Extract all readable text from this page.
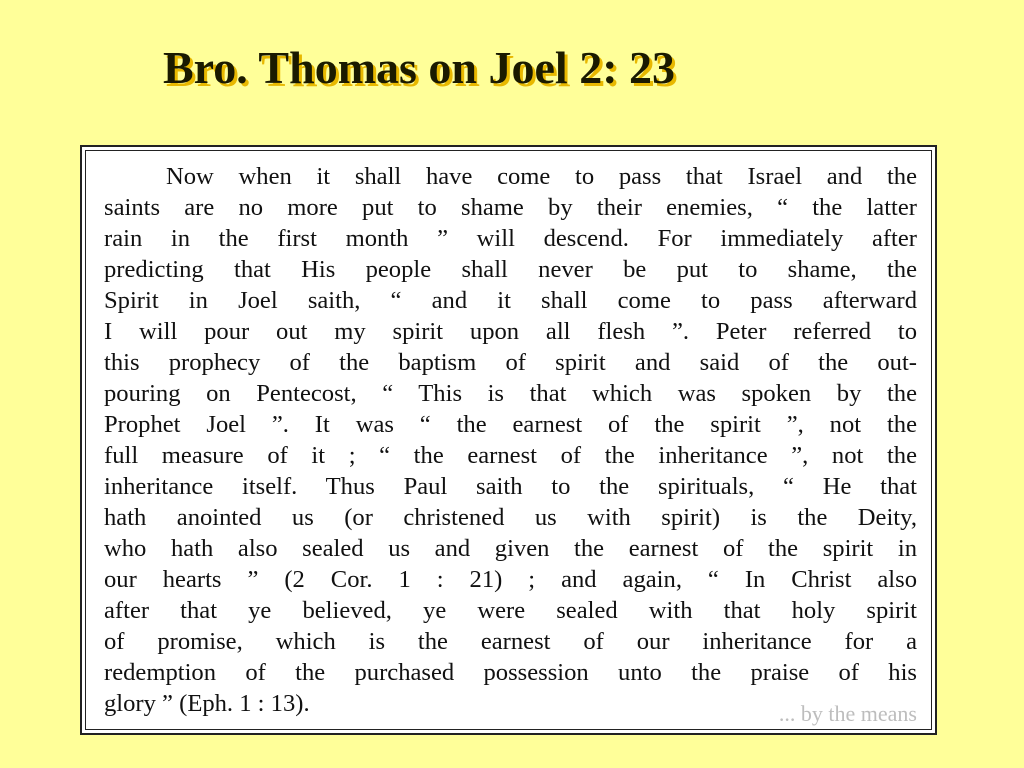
Bro. Thomas on Joel 2: 23

Now when it shall have come to pass that Israel and the
saints are no more put to shame by their enemies, “ the latter
rain in the first month ” will descend. For immediately after
predicting that His people shall never be put to shame, the
Spirit in Joel saith, “ and it shall come to pass afterward
I will pour out my spirit upon all flesh ”. Peter referred to
this prophecy of the baptism of spirit and said of the out-
pouring on Pentecost, “ This is that which was spoken by the
Prophet Joel ”. It was “ the earnest of the spirit ”, not the
full measure of it ; “ the earnest of the inheritance ”, not the
inheritance itself. Thus Paul saith to the spirituals, “ He that
hath anointed us (or christened us with spirit) is the Deity,
who hath also sealed us and given the earnest of the spirit in
our hearts ” (2 Cor. 1 : 21) ; and again, “ In Christ also
after that ye believed, ye were sealed with that holy spirit
of promise, which is the earnest of our inheritance for a
redemption of the purchased possession unto the praise of his
glory ” (Eph. 1 : 13).	... by the means
